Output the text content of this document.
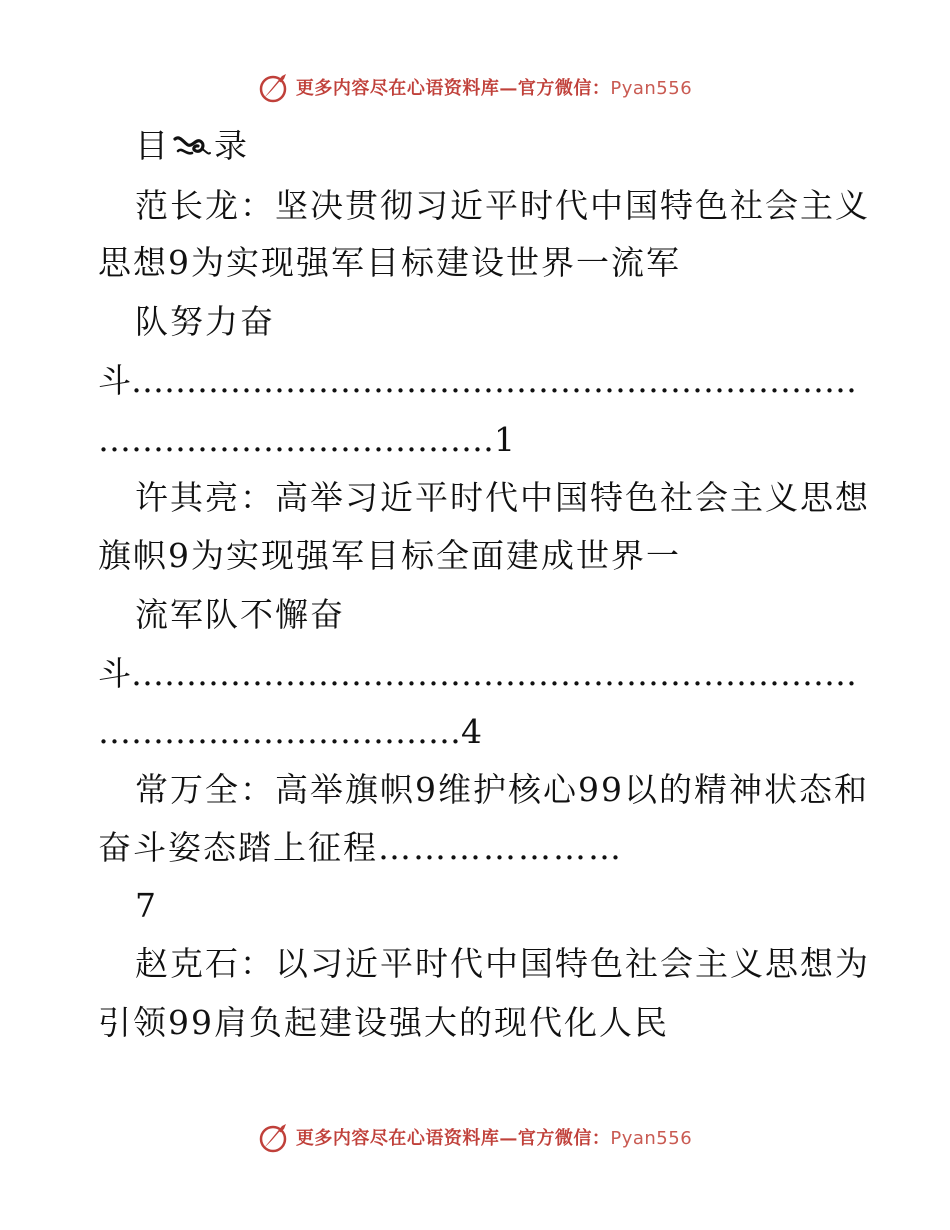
更多内容尽在心语资料库—官方微信：Pyan556
目 录
范长龙：坚决贯彻习近平时代中国特色社会主义
思想9为实现强军目标建设世界一流军
队努力奋
斗…………………………………………………………
………………………………1
许其亮：高举习近平时代中国特色社会主义思想
旗帜9为实现强军目标全面建成世界一
流军队不懈奋
斗…………………………………………………………
……………………………4
常万全：高举旗帜9维护核心99以的精神状态和
奋斗姿态踏上征程…………………
7
赵克石：以习近平时代中国特色社会主义思想为
引领99肩负起建设强大的现代化人民
更多内容尽在心语资料库—官方微信：Pyan556
